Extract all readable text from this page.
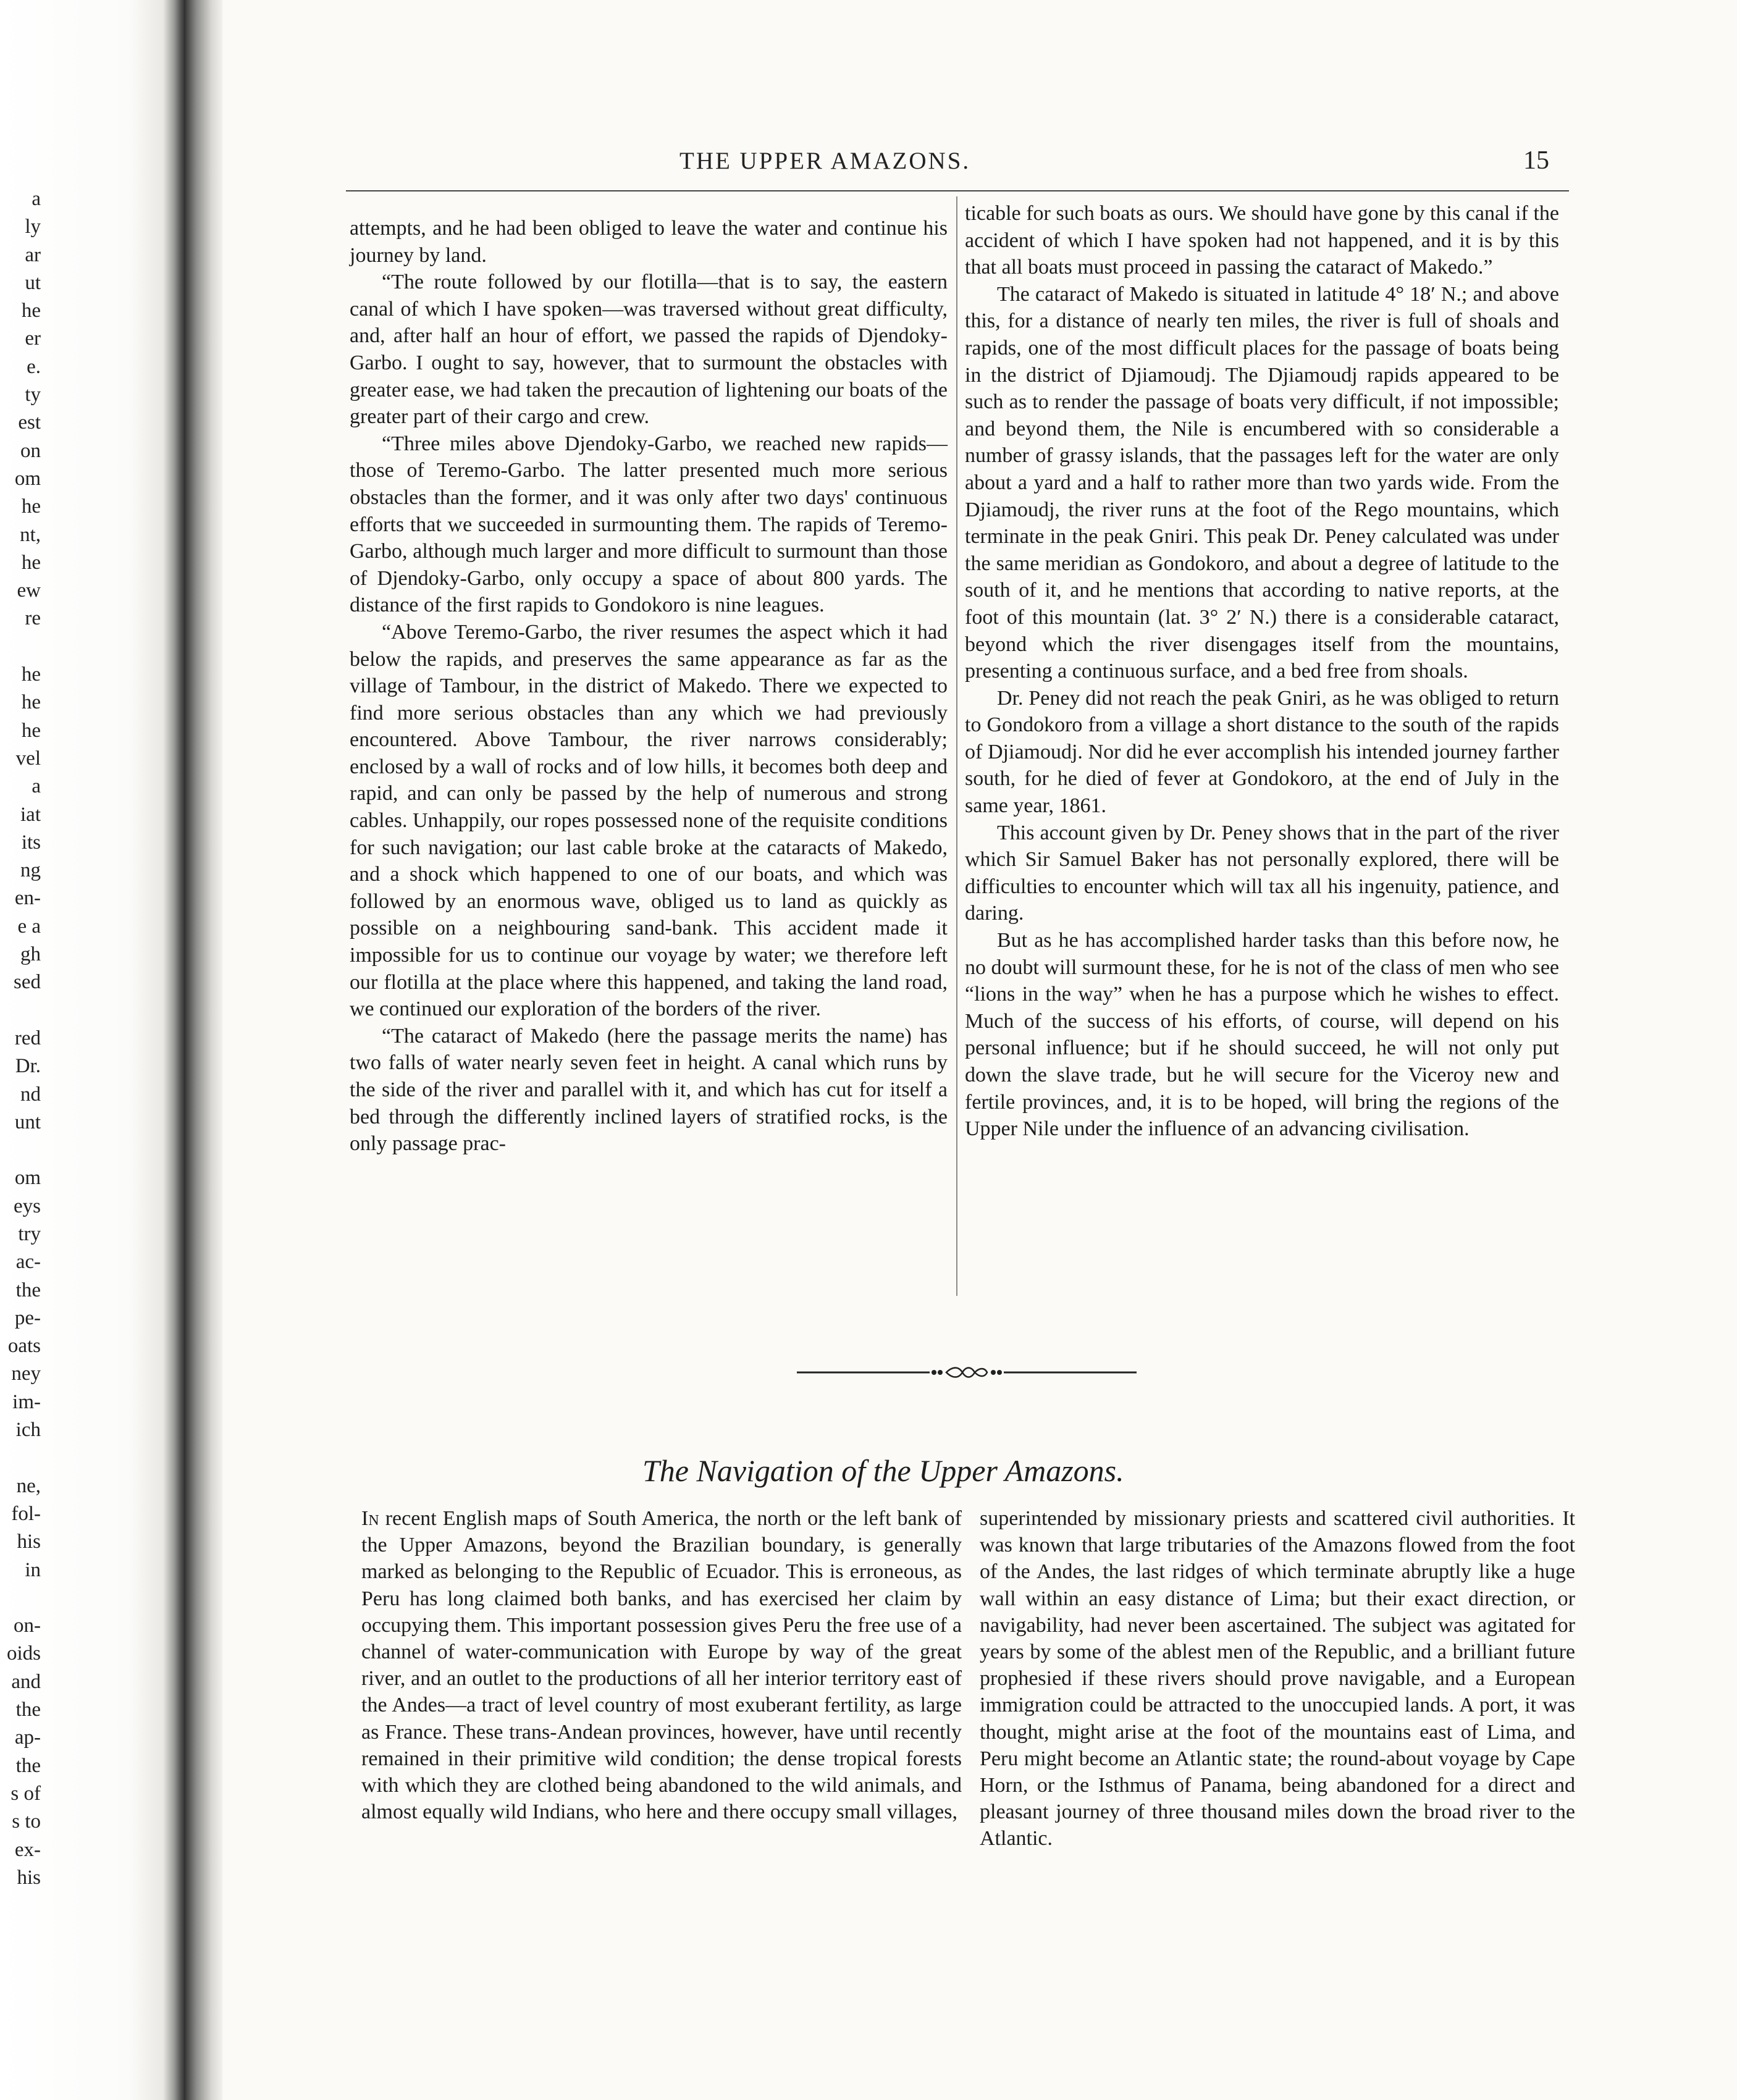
a
ly
ar
ut
he
er
e.
ty
est
on
om
he
nt,
he
ew
re
he
he
he
vel
a
iat
its
ng
en-
e a
gh
sed
red
Dr.
nd
unt
om
eys
try
ac-
the
pe-
oats
ney
im-
ich
ne,
fol-
his
in
on-
oids
and
the
ap-
the
s of
s to
ex-
his
THE UPPER AMAZONS.	15

attempts, and he had been obliged to leave the water and continue his journey by land.

“The route followed by our flotilla—that is to say, the eastern canal of which I have spoken—was traversed without great difficulty, and, after half an hour of effort, we passed the rapids of Djendoky-Garbo. I ought to say, however, that to surmount the obstacles with greater ease, we had taken the precaution of lightening our boats of the greater part of their cargo and crew.

“Three miles above Djendoky-Garbo, we reached new rapids—those of Teremo-Garbo. The latter presented much more serious obstacles than the former, and it was only after two days' continuous efforts that we succeeded in surmounting them. The rapids of Teremo-Garbo, although much larger and more difficult to surmount than those of Djendoky-Garbo, only occupy a space of about 800 yards. The distance of the first rapids to Gondokoro is nine leagues.

“Above Teremo-Garbo, the river resumes the aspect which it had below the rapids, and preserves the same appearance as far as the village of Tambour, in the district of Makedo. There we expected to find more serious obstacles than any which we had previously encountered. Above Tambour, the river narrows considerably; enclosed by a wall of rocks and of low hills, it becomes both deep and rapid, and can only be passed by the help of numerous and strong cables. Unhappily, our ropes possessed none of the requisite conditions for such navigation; our last cable broke at the cataracts of Makedo, and a shock which happened to one of our boats, and which was followed by an enormous wave, obliged us to land as quickly as possible on a neighbouring sand-bank. This accident made it impossible for us to continue our voyage by water; we therefore left our flotilla at the place where this happened, and taking the land road, we continued our exploration of the borders of the river.

“The cataract of Makedo (here the passage merits the name) has two falls of water nearly seven feet in height. A canal which runs by the side of the river and parallel with it, and which has cut for itself a bed through the differently inclined layers of stratified rocks, is the only passage prac-

ticable for such boats as ours. We should have gone by this canal if the accident of which I have spoken had not happened, and it is by this that all boats must proceed in passing the cataract of Makedo.”

The cataract of Makedo is situated in latitude 4° 18′ N.; and above this, for a distance of nearly ten miles, the river is full of shoals and rapids, one of the most difficult places for the passage of boats being in the district of Djiamoudj. The Djiamoudj rapids appeared to be such as to render the passage of boats very difficult, if not impossible; and beyond them, the Nile is encumbered with so considerable a number of grassy islands, that the passages left for the water are only about a yard and a half to rather more than two yards wide. From the Djiamoudj, the river runs at the foot of the Rego mountains, which terminate in the peak Gniri. This peak Dr. Peney calculated was under the same meridian as Gondokoro, and about a degree of latitude to the south of it, and he mentions that according to native reports, at the foot of this mountain (lat. 3° 2′ N.) there is a considerable cataract, beyond which the river disengages itself from the mountains, presenting a continuous surface, and a bed free from shoals.

Dr. Peney did not reach the peak Gniri, as he was obliged to return to Gondokoro from a village a short distance to the south of the rapids of Djiamoudj. Nor did he ever accomplish his intended journey farther south, for he died of fever at Gondokoro, at the end of July in the same year, 1861.

This account given by Dr. Peney shows that in the part of the river which Sir Samuel Baker has not personally explored, there will be difficulties to encounter which will tax all his ingenuity, patience, and daring.

But as he has accomplished harder tasks than this before now, he no doubt will surmount these, for he is not of the class of men who see “lions in the way” when he has a purpose which he wishes to effect. Much of the success of his efforts, of course, will depend on his personal influence; but if he should succeed, he will not only put down the slave trade, but he will secure for the Viceroy new and fertile provinces, and, it is to be hoped, will bring the regions of the Upper Nile under the influence of an advancing civilisation.

The Navigation of the Upper Amazons.

In recent English maps of South America, the north or the left bank of the Upper Amazons, beyond the Brazilian boundary, is generally marked as belonging to the Republic of Ecuador. This is erroneous, as Peru has long claimed both banks, and has exercised her claim by occupying them. This important possession gives Peru the free use of a channel of water-communication with Europe by way of the great river, and an outlet to the productions of all her interior territory east of the Andes—a tract of level country of most exuberant fertility, as large as France. These trans-Andean provinces, however, have until recently remained in their primitive wild condition; the dense tropical forests with which they are clothed being abandoned to the wild animals, and almost equally wild Indians, who here and there occupy small villages,

superintended by missionary priests and scattered civil authorities. It was known that large tributaries of the Amazons flowed from the foot of the Andes, the last ridges of which terminate abruptly like a huge wall within an easy distance of Lima; but their exact direction, or navigability, had never been ascertained. The subject was agitated for years by some of the ablest men of the Republic, and a brilliant future prophesied if these rivers should prove navigable, and a European immigration could be attracted to the unoccupied lands. A port, it was thought, might arise at the foot of the mountains east of Lima, and Peru might become an Atlantic state; the round-about voyage by Cape Horn, or the Isthmus of Panama, being abandoned for a direct and pleasant journey of three thousand miles down the broad river to the Atlantic.
